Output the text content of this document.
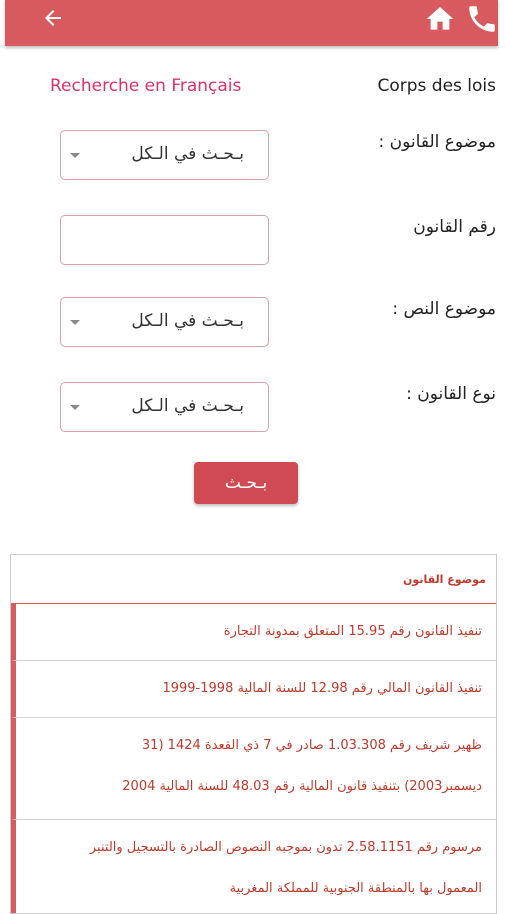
Recherche en Français	Corps des lois
موضوع القانون :
بـحـث في الـكل
رقم القانون
موضوع النص :
بـحـث في الـكل
نوع القانون :
بـحـث في الـكل
بـحـث
موضوع القانون

تنفيذ القانون رقم 15.95 المتعلق بمدونة التجارة

تنفيذ القانون المالي رقم 12.98 للسنة المالية 1998-1999

ظهير شريف رقم 1.03.308 صادر في 7 ذي القعدة 1424 (31

ديسمبر2003) بتنفيذ قانون المالية رقم 48.03 للسنة المالية 2004

مرسوم رقم 2.58.1151 تدون بموجبه النصوص الصادرة بالتسجيل والتنبر

المعمول بها بالمنطقة الجنوبية للمملكة المغربية
